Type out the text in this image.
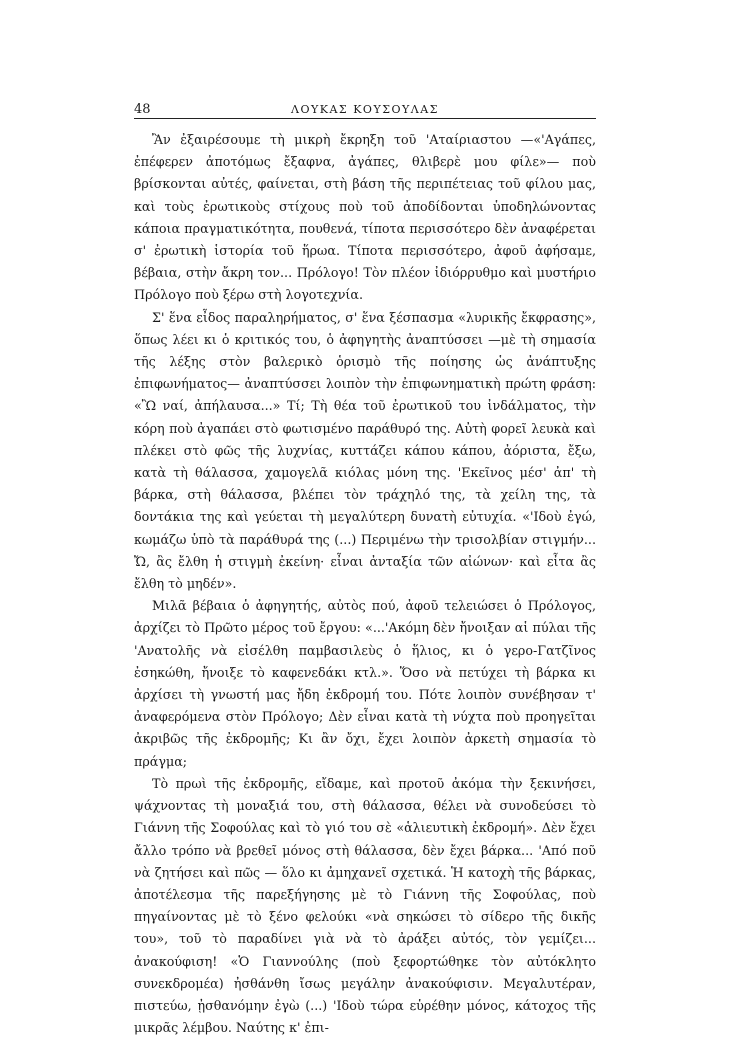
48	ΛΟΥΚΑΣ ΚΟΥΣΟΥΛΑΣ

Ἂν ἐξαιρέσουμε τὴ μικρὴ ἔκρηξη τοῦ 'Αταίριαστου —«'Αγάπες, ἐπέφερεν ἀποτόμως ἔξαφνα, ἀγάπες, θλιβερὲ μου φίλε»— ποὺ βρίσκονται αὐτές, φαίνεται, στὴ βάση τῆς περιπέτειας τοῦ φίλου μας, καὶ τοὺς ἐρωτικοὺς στίχους ποὺ τοῦ ἀποδίδονται ὑποδηλώνοντας κάποια πραγματικότητα, πουθενά, τίποτα περισσότερο δὲν ἀναφέρεται σ' ἐρωτικὴ ἱστορία τοῦ ἥρωα. Τίποτα περισσότερο, ἀφοῦ ἀφήσαμε, βέβαια, στὴν ἄκρη τον... Πρόλογο! Τὸν πλέον ἰδιόρρυθμο καὶ μυστήριο Πρόλογο ποὺ ξέρω στὴ λογοτεχνία.

Σ' ἕνα εἶδος παραληρήματος, σ' ἕνα ξέσπασμα «λυρικῆς ἔκφρασης», ὅπως λέει κι ὁ κριτικός του, ὁ ἀφηγητὴς ἀναπτύσσει —μὲ τὴ σημασία τῆς λέξης στὸν βαλερικὸ ὁρισμὸ τῆς ποίησης ὡς ἀνάπτυξης ἐπιφωνήματος— ἀναπτύσσει λοιπὸν τὴν ἐπιφωνηματικὴ πρώτη φράση: «Ὢ ναί, ἀπήλαυσα...» Τί; Τὴ θέα τοῦ ἐρωτικοῦ του ἰνδάλματος, τὴν κόρη ποὺ ἀγαπάει στὸ φωτισμένο παράθυρό της. Αὐτὴ φορεῖ λευκὰ καὶ πλέκει στὸ φῶς τῆς λυχνίας, κυττάζει κάπου κάπου, ἀόριστα, ἔξω, κατὰ τὴ θάλασσα, χαμογελᾶ κιόλας μόνη της. 'Εκεῖνος μέσ' ἀπ' τὴ βάρκα, στὴ θάλασσα, βλέπει τὸν τράχηλό της, τὰ χείλη της, τὰ δοντάκια της καὶ γεύεται τὴ μεγαλύτερη δυνατὴ εὐτυχία. «'Ιδοὺ ἐγώ, κωμάζω ὑπὸ τὰ παράθυρά της (...) Περιμένω τὴν τρισολβίαν στιγμήν... Ὤ, ἂς ἔλθη ἡ στιγμὴ ἐκείνη· εἶναι ἀνταξία τῶν αἰώνων· καὶ εἶτα ἂς ἔλθη τὸ μηδέν».

Μιλᾶ βέβαια ὁ ἀφηγητής, αὐτὸς πού, ἀφοῦ τελειώσει ὁ Πρόλογος, ἀρχίζει τὸ Πρῶτο μέρος τοῦ ἔργου: «...'Ακόμη δὲν ἤνοιξαν αἱ πύλαι τῆς 'Ανατολῆς νὰ εἰσέλθη παμβασιλεὺς ὁ ἥλιος, κι ὁ γερο-Γατζῖνος ἐσηκώθη, ἤνοιξε τὸ καφενεδάκι κτλ.». Ὅσο νὰ πετύχει τὴ βάρκα κι ἀρχίσει τὴ γνωστή μας ἤδη ἐκδρομή του. Πότε λοιπὸν συνέβησαν τ' ἀναφερόμενα στὸν Πρόλογο; Δὲν εἶναι κατὰ τὴ νύχτα ποὺ προηγεῖται ἀκριβῶς τῆς ἐκδρομῆς; Κι ἂν ὄχι, ἔχει λοιπὸν ἀρκετὴ σημασία τὸ πράγμα;

Τὸ πρωὶ τῆς ἐκδρομῆς, εἴδαμε, καὶ προτοῦ ἀκόμα τὴν ξεκινήσει, ψάχνοντας τὴ μοναξιά του, στὴ θάλασσα, θέλει νὰ συνοδεύσει τὸ Γιάννη τῆς Σοφούλας καὶ τὸ γιό του σὲ «ἁλιευτικὴ ἐκδρομή». Δὲν ἔχει ἄλλο τρόπο νὰ βρεθεῖ μόνος στὴ θάλασσα, δὲν ἔχει βάρκα... 'Από ποῦ νὰ ζητήσει καὶ πῶς — ὅλο κι ἀμηχανεῖ σχετικά. Ἡ κατοχὴ τῆς βάρκας, ἀποτέλεσμα τῆς παρεξήγησης μὲ τὸ Γιάννη τῆς Σοφούλας, ποὺ πηγαίνοντας μὲ τὸ ξένο φελούκι «νὰ σηκώσει τὸ σίδερο τῆς δικῆς του», τοῦ τὸ παραδίνει γιὰ νὰ τὸ ἀράξει αὐτός, τὸν γεμίζει... ἀνακούφιση! «Ὁ Γιαννούλης (ποὺ ξεφορτώθηκε τὸν αὐτόκλητο συνεκδρομέα) ἠσθάνθη ἴσως μεγάλην ἀνακούφισιν. Μεγαλυτέραν, πιστεύω, ᾐσθανόμην ἐγὼ (...) 'Ιδοὺ τώρα εὑρέθην μόνος, κάτοχος τῆς μικρᾶς λέμβου. Ναύτης κ' ἐπι-
